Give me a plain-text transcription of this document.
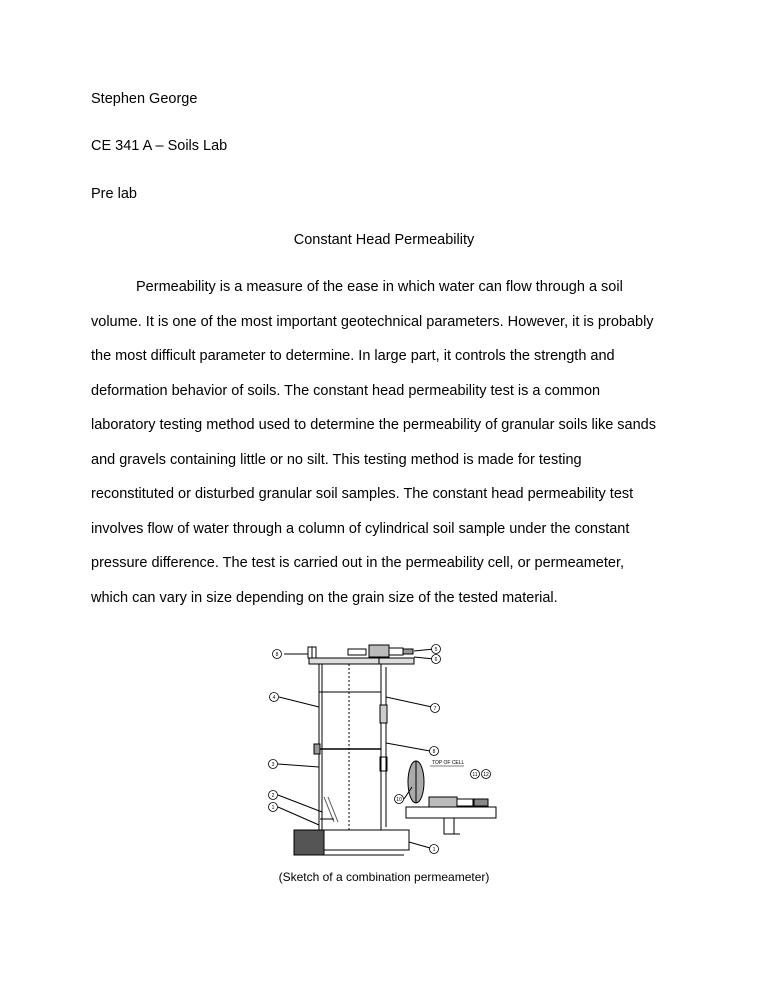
Stephen George
CE 341 A – Soils Lab
Pre lab
Constant Head Permeability
Permeability is a measure of the ease in which water can flow through a soil
volume. It is one of the most important geotechnical parameters. However, it is probably
the most difficult parameter to determine. In large part, it controls the strength and
deformation behavior of soils. The constant head permeability test is a common
laboratory testing method used to determine the permeability of granular soils like sands
and gravels containing little or no silt. This testing method is made for testing
reconstituted or disturbed granular soil samples. The constant head permeability test
involves flow of water through a column of cylindrical soil sample under the constant
pressure difference. The test is carried out in the permeability cell, or permeameter,
which can vary in size depending on the grain size of the tested material.
8
5
6
4
7
8
3
2
1
11 12
10
1
TOP OF CELL
(Sketch of a combination permeameter)
